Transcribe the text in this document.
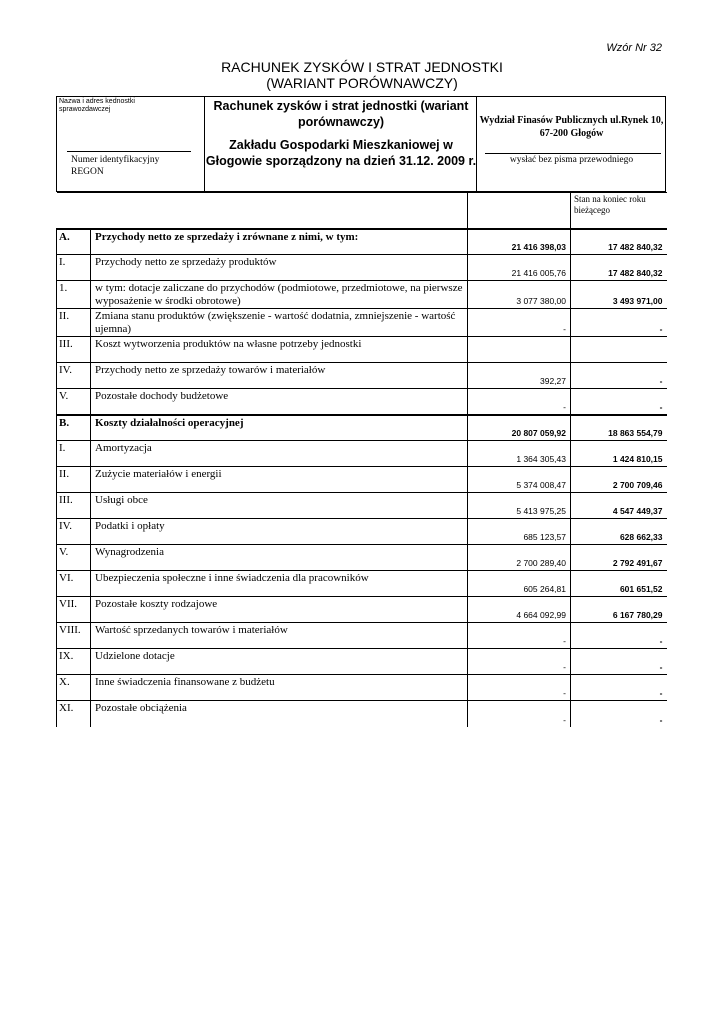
Wzór Nr 32
RACHUNEK ZYSKÓW I STRAT JEDNOSTKI
(WARIANT PORÓWNAWCZY)
Nazwa i adres kednostki sprawozdawczej
Numer identyfikacyjny REGON
Rachunek zysków i strat jednostki (wariant porównawczy)
Zakładu Gospodarki Mieszkaniowej w Głogowie sporządzony na dzień 31.12. 2009 r.
Wydział Finasów Publicznych ul.Rynek 10, 67-200 Głogów
wysłać bez pisma przewodniego
			Stan na koniec roku bieżącego
A.	Przychody netto ze sprzedaży i zrównane z nimi, w tym:	21 416 398,03	17 482 840,32
I.	Przychody netto ze sprzedaży produktów	21 416 005,76	17 482 840,32
1.	w tym: dotacje zaliczane do przychodów (podmiotowe, przedmiotowe, na pierwsze wyposażenie w środki obrotowe)	3 077 380,00	3 493 971,00
II.	Zmiana stanu produktów (zwiększenie - wartość dodatnia, zmniejszenie - wartość ujemna)	-	-
III.	Koszt wytworzenia produktów na własne potrzeby jednostki		
IV.	Przychody netto ze sprzedaży towarów i materiałów	392,27	-
V.	Pozostałe dochody budżetowe	-	-
B.	Koszty działalności operacyjnej	20 807 059,92	18 863 554,79
I.	Amortyzacja	1 364 305,43	1 424 810,15
II.	Zużycie materiałów i energii	5 374 008,47	2 700 709,46
III.	Usługi obce	5 413 975,25	4 547 449,37
IV.	Podatki i opłaty	685 123,57	628 662,33
V.	Wynagrodzenia	2 700 289,40	2 792 491,67
VI.	Ubezpieczenia społeczne i inne świadczenia dla pracowników	605 264,81	601 651,52
VII.	Pozostałe koszty rodzajowe	4 664 092,99	6 167 780,29
VIII.	Wartość sprzedanych towarów i materiałów	-	-
IX.	Udzielone dotacje	-	-
X.	Inne świadczenia finansowane z budżetu	-	-
XI.	Pozostałe obciążenia	-	-
